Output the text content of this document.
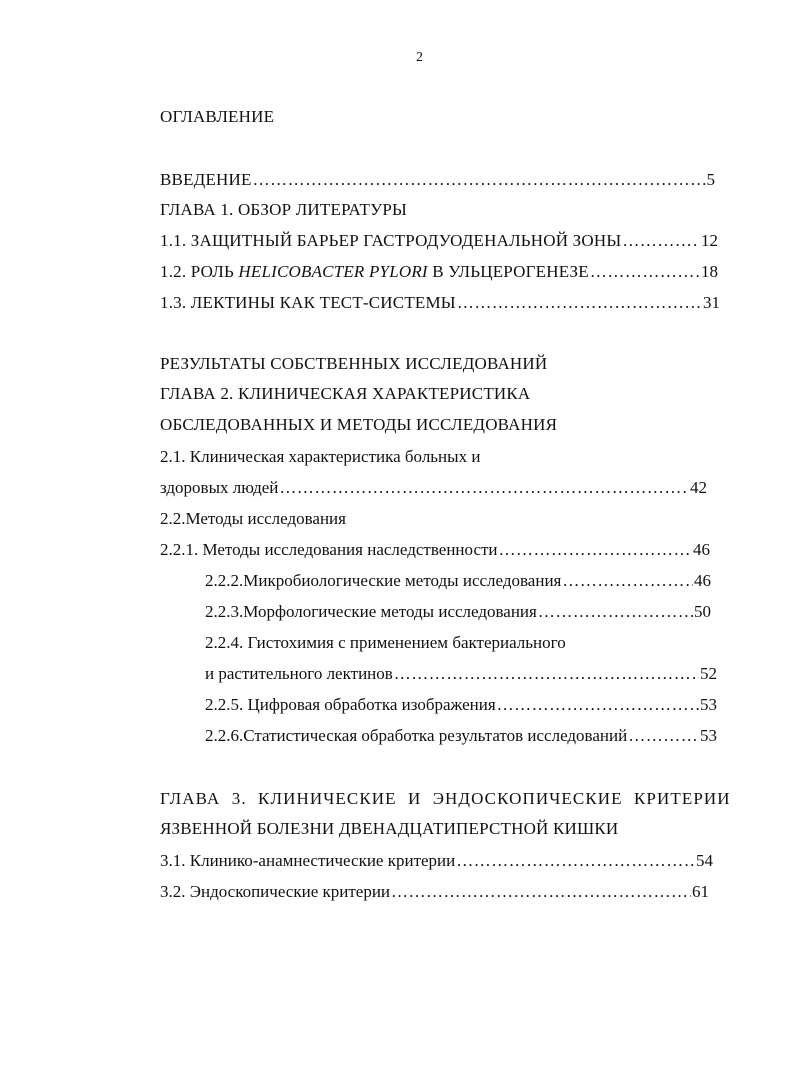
2
ОГЛАВЛЕНИЕ
ВВЕДЕНИЕ ……………………………………………………………………………………………………………………………………………………………………	5
ГЛАВА 1. ОБЗОР ЛИТЕРАТУРЫ
1.1. ЗАЩИТНЫЙ БАРЬЕР ГАСТРОДУОДЕНАЛЬНОЙ ЗОНЫ ……………………………………………………………………………………………………………………………………………………………………	12
1.2. РОЛЬ HELICOBACTER PYLORI В УЛЬЦЕРОГЕНЕЗЕ ……………………………………………………………………………………………………………………………………………………………………	18
1.3. ЛЕКТИНЫ КАК ТЕСТ-СИСТЕМЫ ……………………………………………………………………………………………………………………………………………………………………	31
РЕЗУЛЬТАТЫ СОБСТВЕННЫХ ИССЛЕДОВАНИЙ
ГЛАВА 2. КЛИНИЧЕСКАЯ ХАРАКТЕРИСТИКА
ОБСЛЕДОВАННЫХ И МЕТОДЫ ИССЛЕДОВАНИЯ
2.1. Клиническая характеристика больных и
здоровых людей ……………………………………………………………………………………………………………………………………………………………………	42
2.2.Методы исследования
2.2.1. Методы исследования наследственности ……………………………………………………………………………………………………………………………………………………………………	46
2.2.2.Микробиологические методы исследования ……………………………………………………………………………………………………………………………………………………………………	46
2.2.3.Морфологические методы исследования ……………………………………………………………………………………………………………………………………………………………………	50
2.2.4. Гистохимия с применением бактериального
и растительного лектинов ……………………………………………………………………………………………………………………………………………………………………	52
2.2.5. Цифровая обработка изображения ……………………………………………………………………………………………………………………………………………………………………	53
2.2.6.Статистическая обработка результатов исследований ……………………………………………………………………………………………………………………………………………………………………	53
ГЛАВА 3. КЛИНИЧЕСКИЕ И ЭНДОСКОПИЧЕСКИЕ КРИТЕРИИ
ЯЗВЕННОЙ БОЛЕЗНИ ДВЕНАДЦАТИПЕРСТНОЙ КИШКИ
3.1. Клинико-анамнестические критерии ……………………………………………………………………………………………………………………………………………………………………	54
3.2. Эндоскопические критерии ……………………………………………………………………………………………………………………………………………………………………	61
